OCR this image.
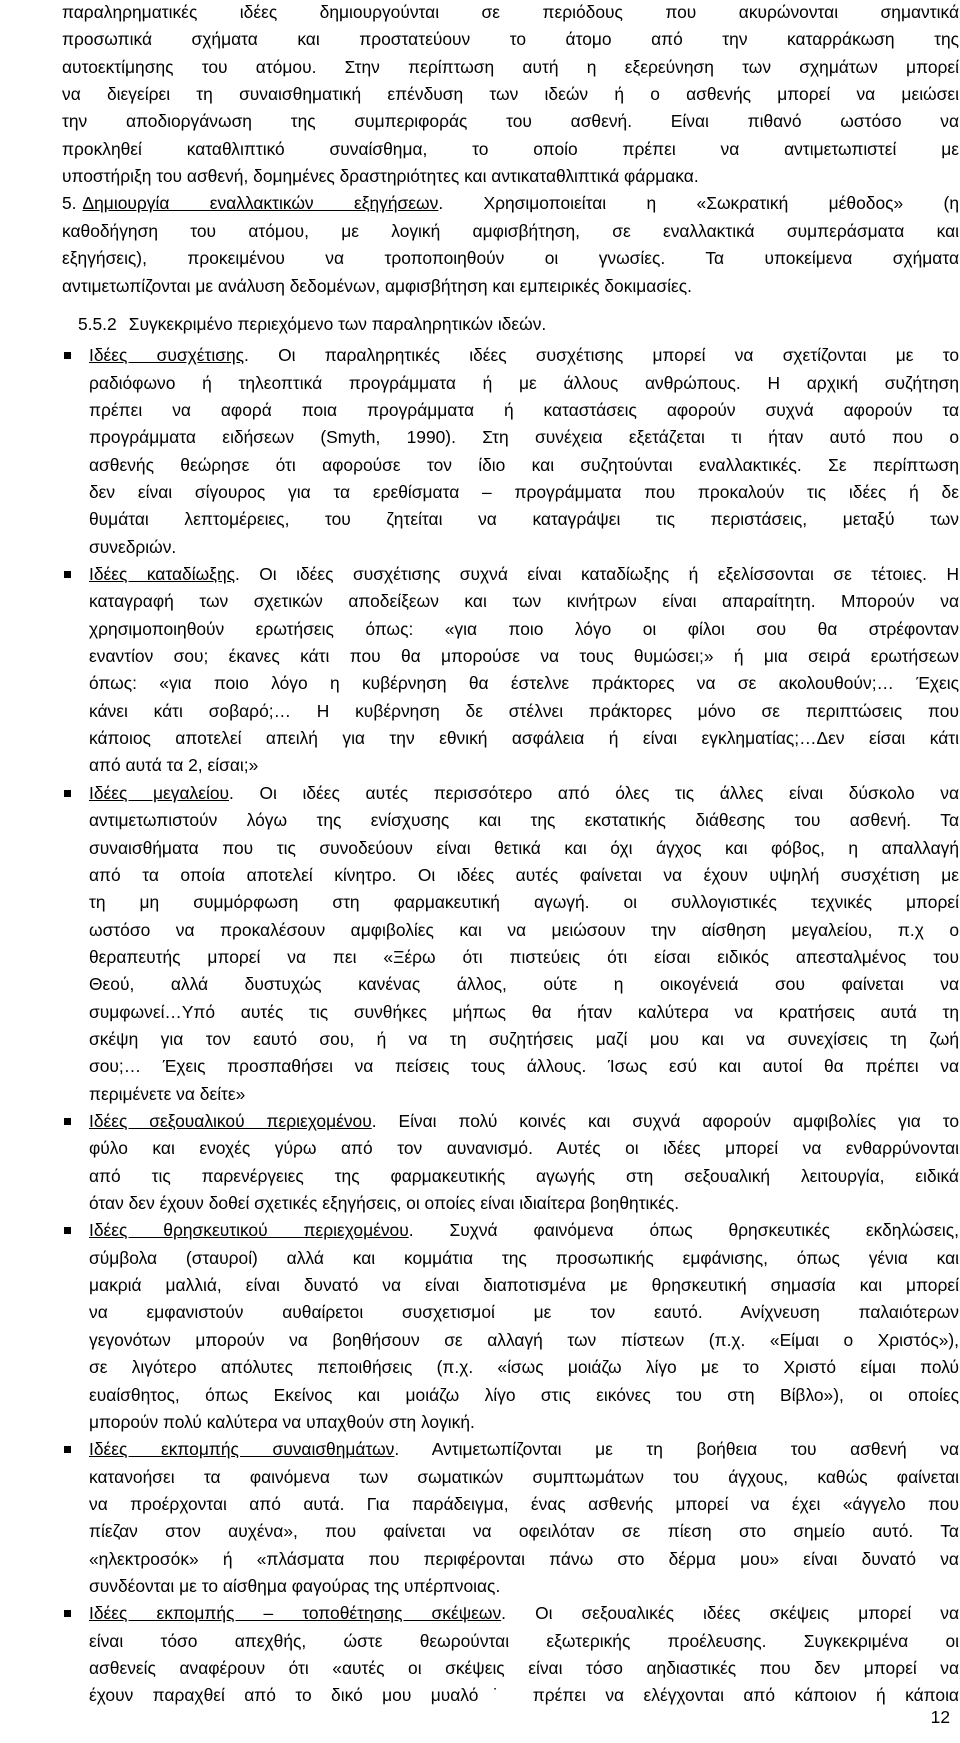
παραληρηματικές ιδέες δημιουργούνται σε περιόδους που ακυρώνονται σημαντικά
προσωπικά σχήματα και προστατεύουν το άτομο από την καταρράκωση της
αυτοεκτίμησης του ατόμου. Στην περίπτωση αυτή η εξερεύνηση των σχημάτων μπορεί
να διεγείρει τη συναισθηματική επένδυση των ιδεών ή ο ασθενής μπορεί να μειώσει
την αποδιοργάνωση της συμπεριφοράς του ασθενή. Είναι πιθανό ωστόσο να
προκληθεί καταθλιπτικό συναίσθημα, το οποίο πρέπει να αντιμετωπιστεί με
υποστήριξη του ασθενή, δομημένες δραστηριότητες και αντικαταθλιπτικά φάρμακα.
5. Δημιουργία εναλλακτικών εξηγήσεων. Χρησιμοποιείται η «Σωκρατική μέθοδος» (η
καθοδήγηση του ατόμου, με λογική αμφισβήτηση, σε εναλλακτικά συμπεράσματα και
εξηγήσεις), προκειμένου να τροποποιηθούν οι γνωσίες. Τα υποκείμενα σχήματα
αντιμετωπίζονται με ανάλυση δεδομένων, αμφισβήτηση και εμπειρικές δοκιμασίες.
5.5.2 Συγκεκριμένο περιεχόμενο των παραληρητικών ιδεών.
Ιδέες συσχέτισης. Οι παραληρητικές ιδέες συσχέτισης μπορεί να σχετίζονται με το
ραδιόφωνο ή τηλεοπτικά προγράμματα ή με άλλους ανθρώπους. Η αρχική συζήτηση
πρέπει να αφορά ποια προγράμματα ή καταστάσεις αφορούν συχνά αφορούν τα
προγράμματα ειδήσεων (Smyth, 1990). Στη συνέχεια εξετάζεται τι ήταν αυτό που ο
ασθενής θεώρησε ότι αφορούσε τον ίδιο και συζητούνται εναλλακτικές. Σε περίπτωση
δεν είναι σίγουρος για τα ερεθίσματα – προγράμματα που προκαλούν τις ιδέες ή δε
θυμάται λεπτομέρειες, του ζητείται να καταγράψει τις περιστάσεις, μεταξύ των
συνεδριών.
Ιδέες καταδίωξης. Οι ιδέες συσχέτισης συχνά είναι καταδίωξης ή εξελίσσονται σε τέτοιες. Η
καταγραφή των σχετικών αποδείξεων και των κινήτρων είναι απαραίτητη. Μπορούν να
χρησιμοποιηθούν ερωτήσεις όπως: «για ποιο λόγο οι φίλοι σου θα στρέφονταν
εναντίον σου; έκανες κάτι που θα μπορούσε να τους θυμώσει;» ή μια σειρά ερωτήσεων
όπως: «για ποιο λόγο η κυβέρνηση θα έστελνε πράκτορες να σε ακολουθούν;… Έχεις
κάνει κάτι σοβαρό;… Η κυβέρνηση δε στέλνει πράκτορες μόνο σε περιπτώσεις που
κάποιος αποτελεί απειλή για την εθνική ασφάλεια ή είναι εγκληματίας;…Δεν είσαι κάτι
από αυτά τα 2, είσαι;»
Ιδέες μεγαλείου. Οι ιδέες αυτές περισσότερο από όλες τις άλλες είναι δύσκολο να
αντιμετωπιστούν λόγω της ενίσχυσης και της εκστατικής διάθεσης του ασθενή. Τα
συναισθήματα που τις συνοδεύουν είναι θετικά και όχι άγχος και φόβος, η απαλλαγή
από τα οποία αποτελεί κίνητρο. Οι ιδέες αυτές φαίνεται να έχουν υψηλή συσχέτιση με
τη μη συμμόρφωση στη φαρμακευτική αγωγή. οι συλλογιστικές τεχνικές μπορεί
ωστόσο να προκαλέσουν αμφιβολίες και να μειώσουν την αίσθηση μεγαλείου, π.χ ο
θεραπευτής μπορεί να πει «Ξέρω ότι πιστεύεις ότι είσαι ειδικός απεσταλμένος του
Θεού, αλλά δυστυχώς κανένας άλλος, ούτε η οικογένειά σου φαίνεται να
συμφωνεί…Υπό αυτές τις συνθήκες μήπως θα ήταν καλύτερα να κρατήσεις αυτά τη
σκέψη για τον εαυτό σου, ή να τη συζητήσεις μαζί μου και να συνεχίσεις τη ζωή
σου;… Έχεις προσπαθήσει να πείσεις τους άλλους. Ίσως εσύ και αυτοί θα πρέπει να
περιμένετε να δείτε»
Ιδέες σεξουαλικού περιεχομένου. Είναι πολύ κοινές και συχνά αφορούν αμφιβολίες για το
φύλο και ενοχές γύρω από τον αυνανισμό. Αυτές οι ιδέες μπορεί να ενθαρρύνονται
από τις παρενέργειες της φαρμακευτικής αγωγής στη σεξουαλική λειτουργία, ειδικά
όταν δεν έχουν δοθεί σχετικές εξηγήσεις, οι οποίες είναι ιδιαίτερα βοηθητικές.
Ιδέες θρησκευτικού περιεχομένου. Συχνά φαινόμενα όπως θρησκευτικές εκδηλώσεις,
σύμβολα (σταυροί) αλλά και κομμάτια της προσωπικής εμφάνισης, όπως γένια και
μακριά μαλλιά, είναι δυνατό να είναι διαποτισμένα με θρησκευτική σημασία και μπορεί
να εμφανιστούν αυθαίρετοι συσχετισμοί με τον εαυτό. Ανίχνευση παλαιότερων
γεγονότων μπορούν να βοηθήσουν σε αλλαγή των πίστεων (π.χ. «Είμαι ο Χριστός»),
σε λιγότερο απόλυτες πεποιθήσεις (π.χ. «ίσως μοιάζω λίγο με το Χριστό είμαι πολύ
ευαίσθητος, όπως Εκείνος και μοιάζω λίγο στις εικόνες του στη Βίβλο»), οι οποίες
μπορούν πολύ καλύτερα να υπαχθούν στη λογική.
Ιδέες εκπομπής συναισθημάτων. Αντιμετωπίζονται με τη βοήθεια του ασθενή να
κατανοήσει τα φαινόμενα των σωματικών συμπτωμάτων του άγχους, καθώς φαίνεται
να προέρχονται από αυτά. Για παράδειγμα, ένας ασθενής μπορεί να έχει «άγγελο που
πίεζαν στον αυχένα», που φαίνεται να οφειλόταν σε πίεση στο σημείο αυτό. Τα
«ηλεκτροσόκ» ή «πλάσματα που περιφέρονται πάνω στο δέρμα μου» είναι δυνατό να
συνδέονται με το αίσθημα φαγούρας της υπέρπνοιας.
Ιδέες εκπομπής – τοποθέτησης σκέψεων. Οι σεξουαλικές ιδέες σκέψεις μπορεί να
είναι τόσο απεχθής, ώστε θεωρούνται εξωτερικής προέλευσης. Συγκεκριμένα οι
ασθενείς αναφέρουν ότι «αυτές οι σκέψεις είναι τόσο αηδιαστικές που δεν μπορεί να
έχουν παραχθεί από το δικό μου μυαλό˙ πρέπει να ελέγχονται από κάποιον ή κάποια
12
